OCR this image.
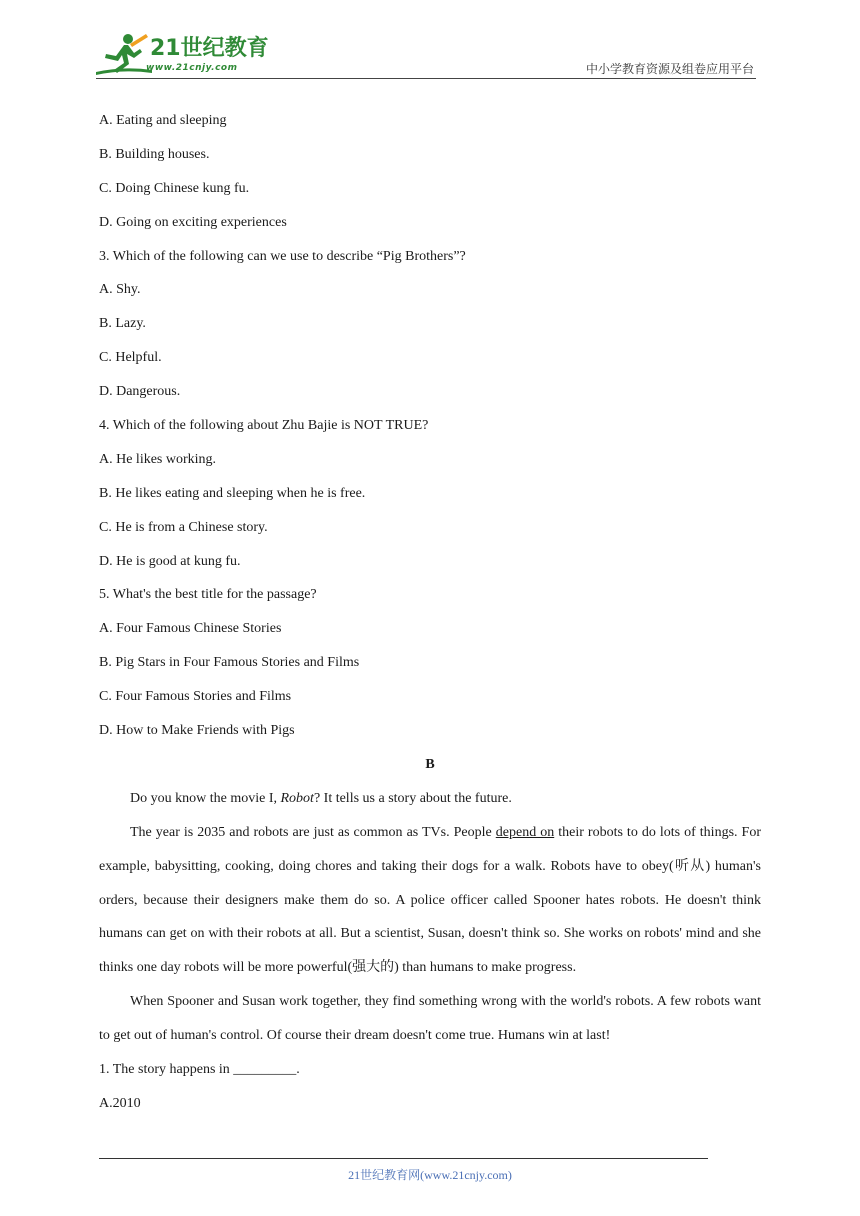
21世纪教育
www.21cnjy.com	中小学教育资源及组卷应用平台
A. Eating and sleeping
B. Building houses.
C. Doing Chinese kung fu.
D. Going on exciting experiences
3. Which of the following can we use to describe “Pig Brothers”?
A. Shy.
B. Lazy.
C. Helpful.
D. Dangerous.
4. Which of the following about Zhu Bajie is NOT TRUE?
A. He likes working.
B. He likes eating and sleeping when he is free.
C. He is from a Chinese story.
D. He is good at kung fu.
5. What's the best title for the passage?
A. Four Famous Chinese Stories
B. Pig Stars in Four Famous Stories and Films
C. Four Famous Stories and Films
D. How to Make Friends with Pigs
B
Do you know the movie I, Robot? It tells us a story about the future.
The year is 2035 and robots are just as common as TVs. People depend on their robots to do lots of things. For example, babysitting, cooking, doing chores and taking their dogs for a walk. Robots have to obey(听从) human's orders, because their designers make them do so. A police officer called Spooner hates robots. He doesn't think humans can get on with their robots at all. But a scientist, Susan, doesn't think so. She works on robots' mind and she thinks one day robots will be more powerful(强大的) than humans to make progress.
When Spooner and Susan work together, they find something wrong with the world's robots. A few robots want to get out of human's control. Of course their dream doesn't come true. Humans win at last!
1. The story happens in _________.
A.2010
21世纪教育网(www.21cnjy.com)
